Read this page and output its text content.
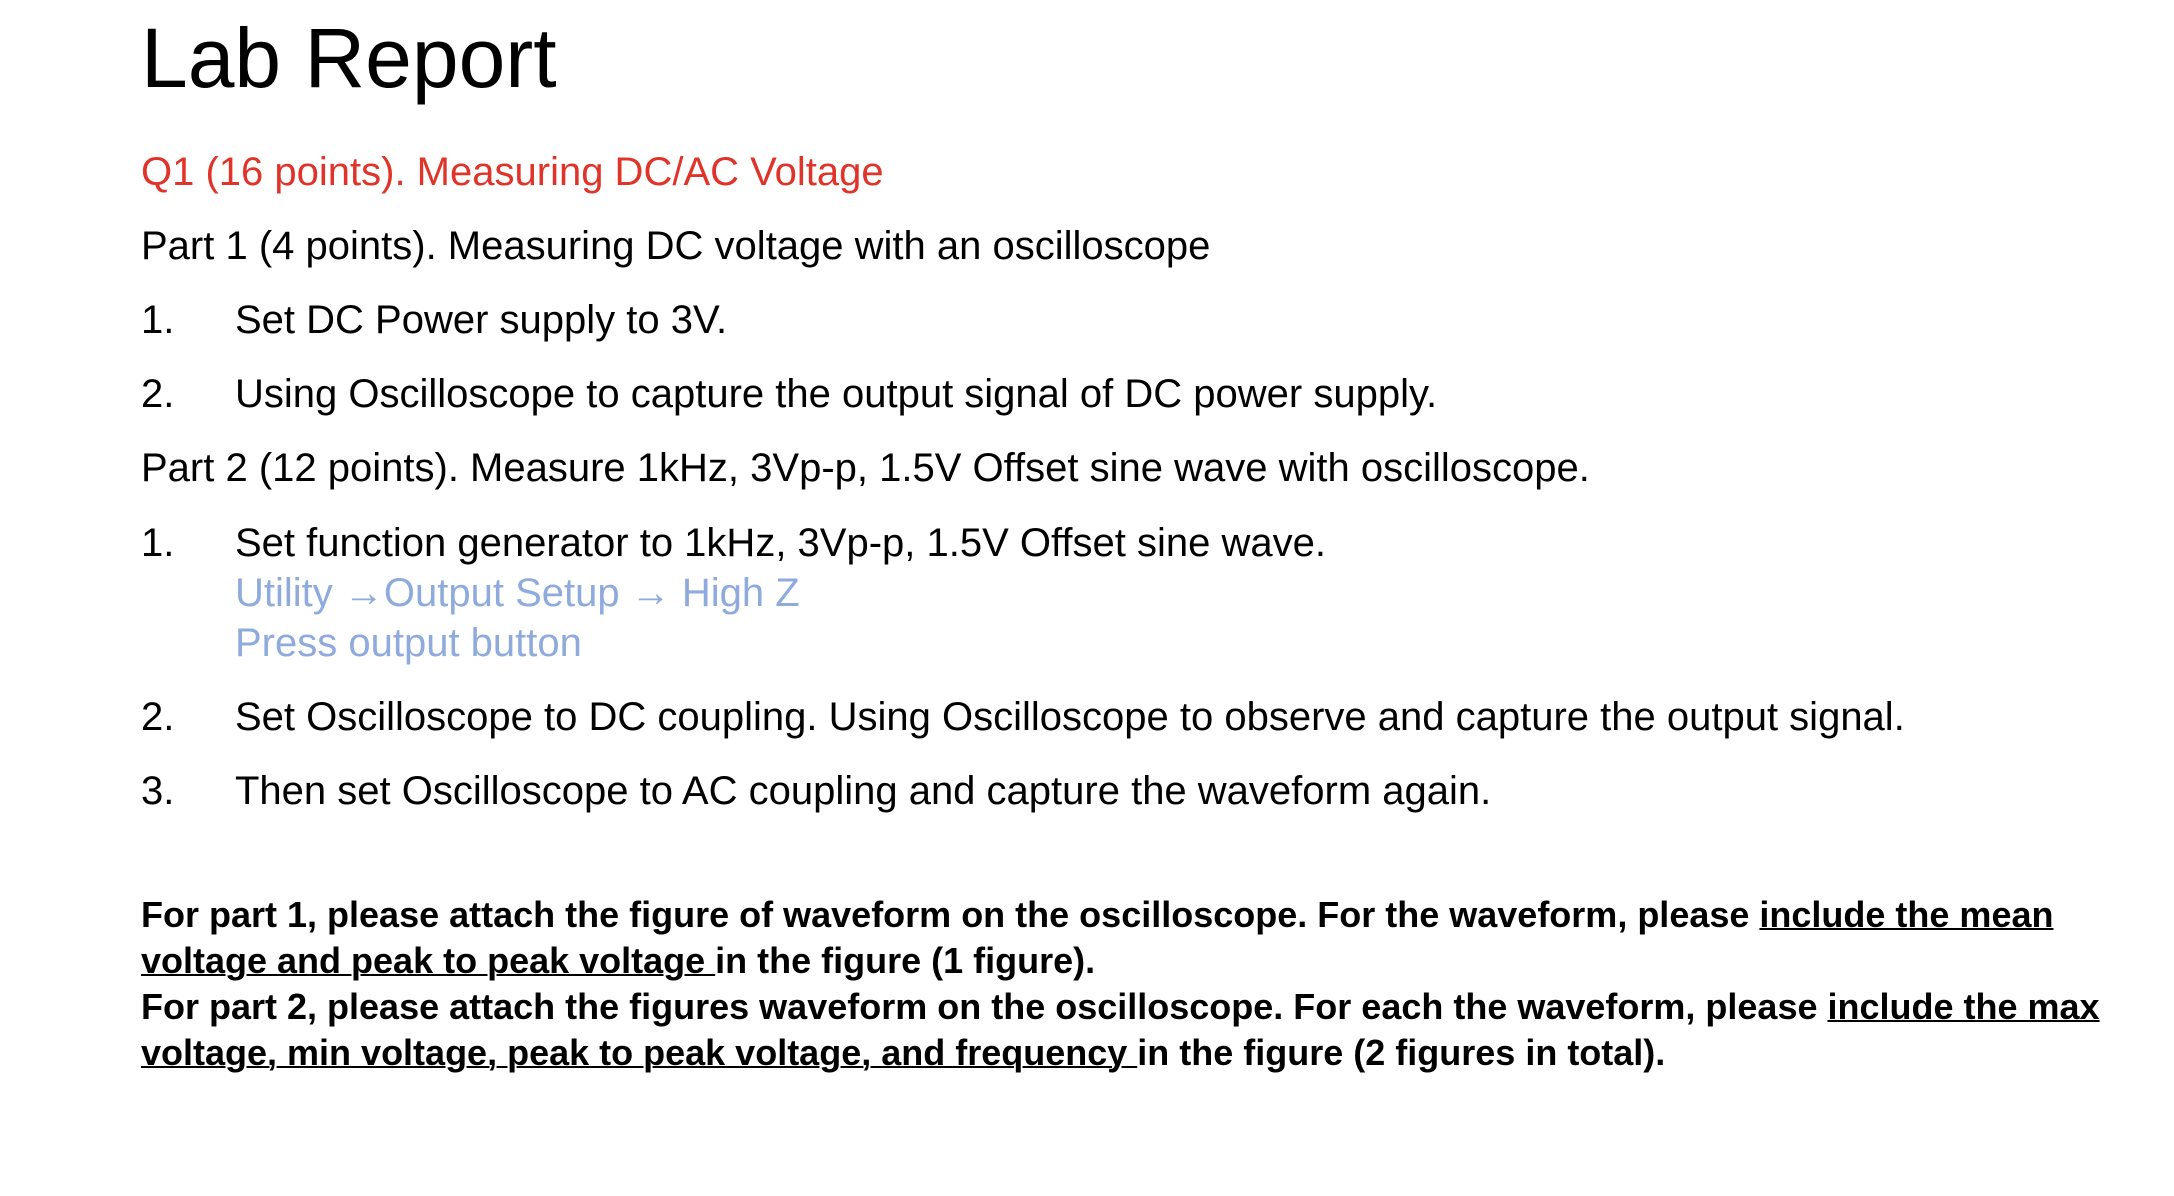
Lab Report
Q1 (16 points). Measuring DC/AC Voltage
Part 1 (4 points). Measuring DC voltage with an oscilloscope
1. Set DC Power supply to 3V.
2. Using Oscilloscope to capture the output signal of DC power supply.
Part 2 (12 points). Measure 1kHz, 3Vp-p, 1.5V Offset sine wave with oscilloscope.
1. Set function generator to 1kHz, 3Vp-p, 1.5V Offset sine wave.
Utility →Output Setup → High Z
Press output button
2. Set Oscilloscope to DC coupling. Using Oscilloscope to observe and capture the output signal.
3. Then set Oscilloscope to AC coupling and capture the waveform again.
For part 1, please attach the figure of waveform on the oscilloscope. For the waveform, please include the mean
voltage and peak to peak voltage in the figure (1 figure).
For part 2, please attach the figures waveform on the oscilloscope. For each the waveform, please include the max
voltage, min voltage, peak to peak voltage, and frequency in the figure (2 figures in total).
